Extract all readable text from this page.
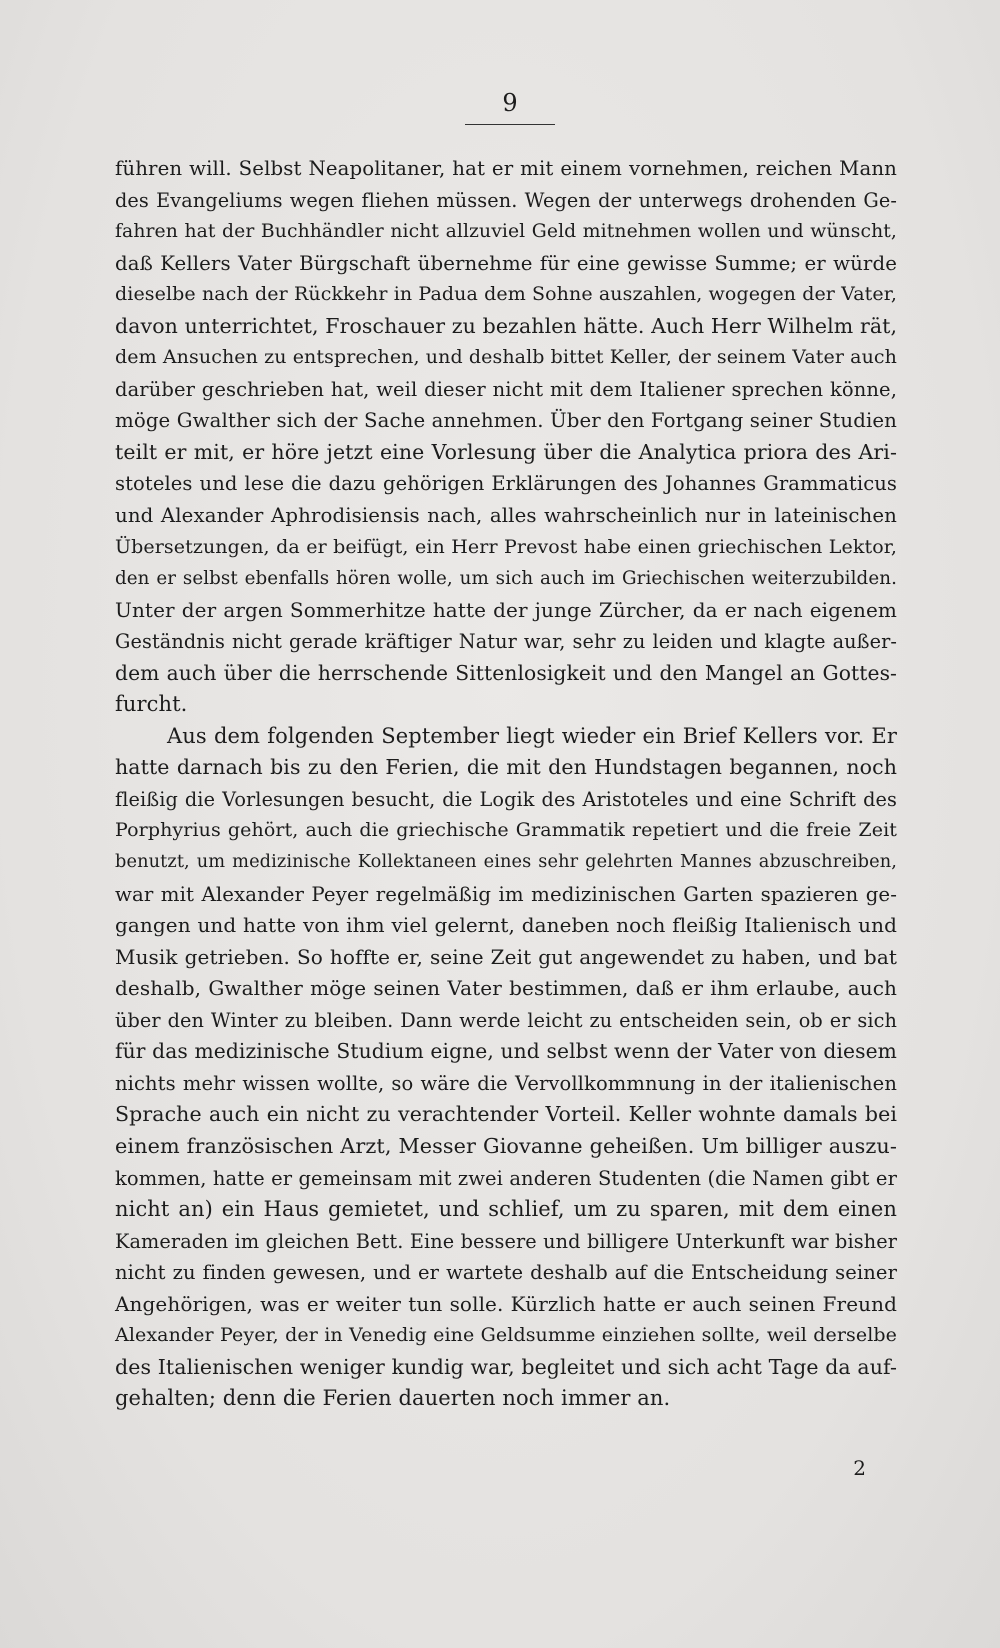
9
führen will. Selbst Neapolitaner, hat er mit einem vornehmen, reichen Mann
des Evangeliums wegen fliehen müssen. Wegen der unterwegs drohenden Ge-
fahren hat der Buchhändler nicht allzuviel Geld mitnehmen wollen und wünscht,
daß Kellers Vater Bürgschaft übernehme für eine gewisse Summe; er würde
dieselbe nach der Rückkehr in Padua dem Sohne auszahlen, wogegen der Vater,
davon unterrichtet, Froschauer zu bezahlen hätte. Auch Herr Wilhelm rät,
dem Ansuchen zu entsprechen, und deshalb bittet Keller, der seinem Vater auch
darüber geschrieben hat, weil dieser nicht mit dem Italiener sprechen könne,
möge Gwalther sich der Sache annehmen. Über den Fortgang seiner Studien
teilt er mit, er höre jetzt eine Vorlesung über die Analytica priora des Ari-
stoteles und lese die dazu gehörigen Erklärungen des Johannes Grammaticus
und Alexander Aphrodisiensis nach, alles wahrscheinlich nur in lateinischen
Übersetzungen, da er beifügt, ein Herr Prevost habe einen griechischen Lektor,
den er selbst ebenfalls hören wolle, um sich auch im Griechischen weiterzubilden.
Unter der argen Sommerhitze hatte der junge Zürcher, da er nach eigenem
Geständnis nicht gerade kräftiger Natur war, sehr zu leiden und klagte außer-
dem auch über die herrschende Sittenlosigkeit und den Mangel an Gottes-
furcht.
Aus dem folgenden September liegt wieder ein Brief Kellers vor. Er
hatte darnach bis zu den Ferien, die mit den Hundstagen begannen, noch
fleißig die Vorlesungen besucht, die Logik des Aristoteles und eine Schrift des
Porphyrius gehört, auch die griechische Grammatik repetiert und die freie Zeit
benutzt, um medizinische Kollektaneen eines sehr gelehrten Mannes abzuschreiben,
war mit Alexander Peyer regelmäßig im medizinischen Garten spazieren ge-
gangen und hatte von ihm viel gelernt, daneben noch fleißig Italienisch und
Musik getrieben. So hoffte er, seine Zeit gut angewendet zu haben, und bat
deshalb, Gwalther möge seinen Vater bestimmen, daß er ihm erlaube, auch
über den Winter zu bleiben. Dann werde leicht zu entscheiden sein, ob er sich
für das medizinische Studium eigne, und selbst wenn der Vater von diesem
nichts mehr wissen wollte, so wäre die Vervollkommnung in der italienischen
Sprache auch ein nicht zu verachtender Vorteil. Keller wohnte damals bei
einem französischen Arzt, Messer Giovanne geheißen. Um billiger auszu-
kommen, hatte er gemeinsam mit zwei anderen Studenten (die Namen gibt er
nicht an) ein Haus gemietet, und schlief, um zu sparen, mit dem einen
Kameraden im gleichen Bett. Eine bessere und billigere Unterkunft war bisher
nicht zu finden gewesen, und er wartete deshalb auf die Entscheidung seiner
Angehörigen, was er weiter tun solle. Kürzlich hatte er auch seinen Freund
Alexander Peyer, der in Venedig eine Geldsumme einziehen sollte, weil derselbe
des Italienischen weniger kundig war, begleitet und sich acht Tage da auf-
gehalten; denn die Ferien dauerten noch immer an.
2
